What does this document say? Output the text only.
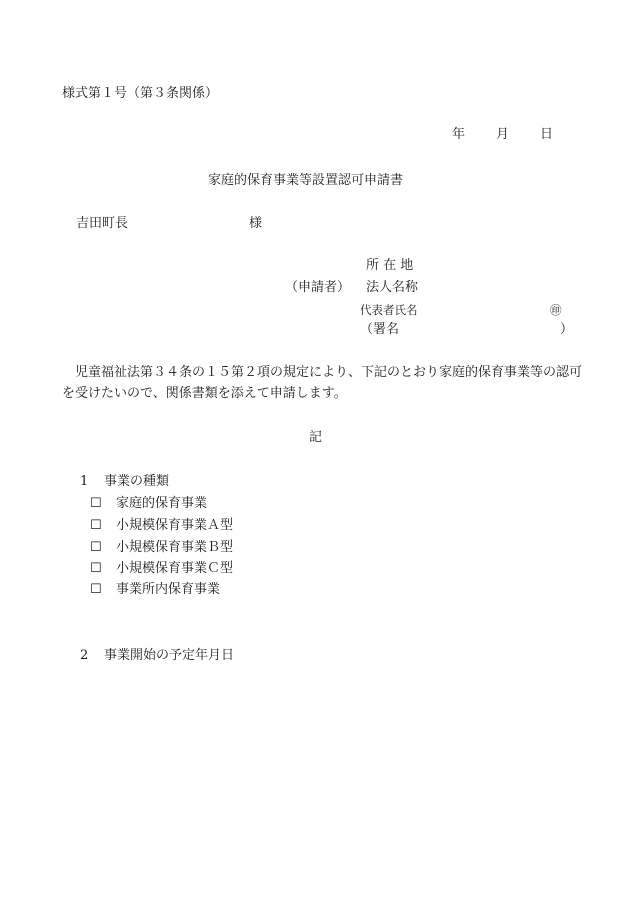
様式第１号（第３条関係）
年 月 日
家庭的保育事業等設置認可申請書
吉田町長	様
所 在 地
（申請者） 法人名称
代表者氏名	㊞
（署名	）
児童福祉法第３４条の１５第２項の規定により、下記のとおり家庭的保育事業等の認可を受けたいので、関係書類を添えて申請します。
記
1 事業の種類
☐ 家庭的保育事業
☐ 小規模保育事業Ａ型
☐ 小規模保育事業Ｂ型
☐ 小規模保育事業Ｃ型
☐ 事業所内保育事業
2 事業開始の予定年月日
